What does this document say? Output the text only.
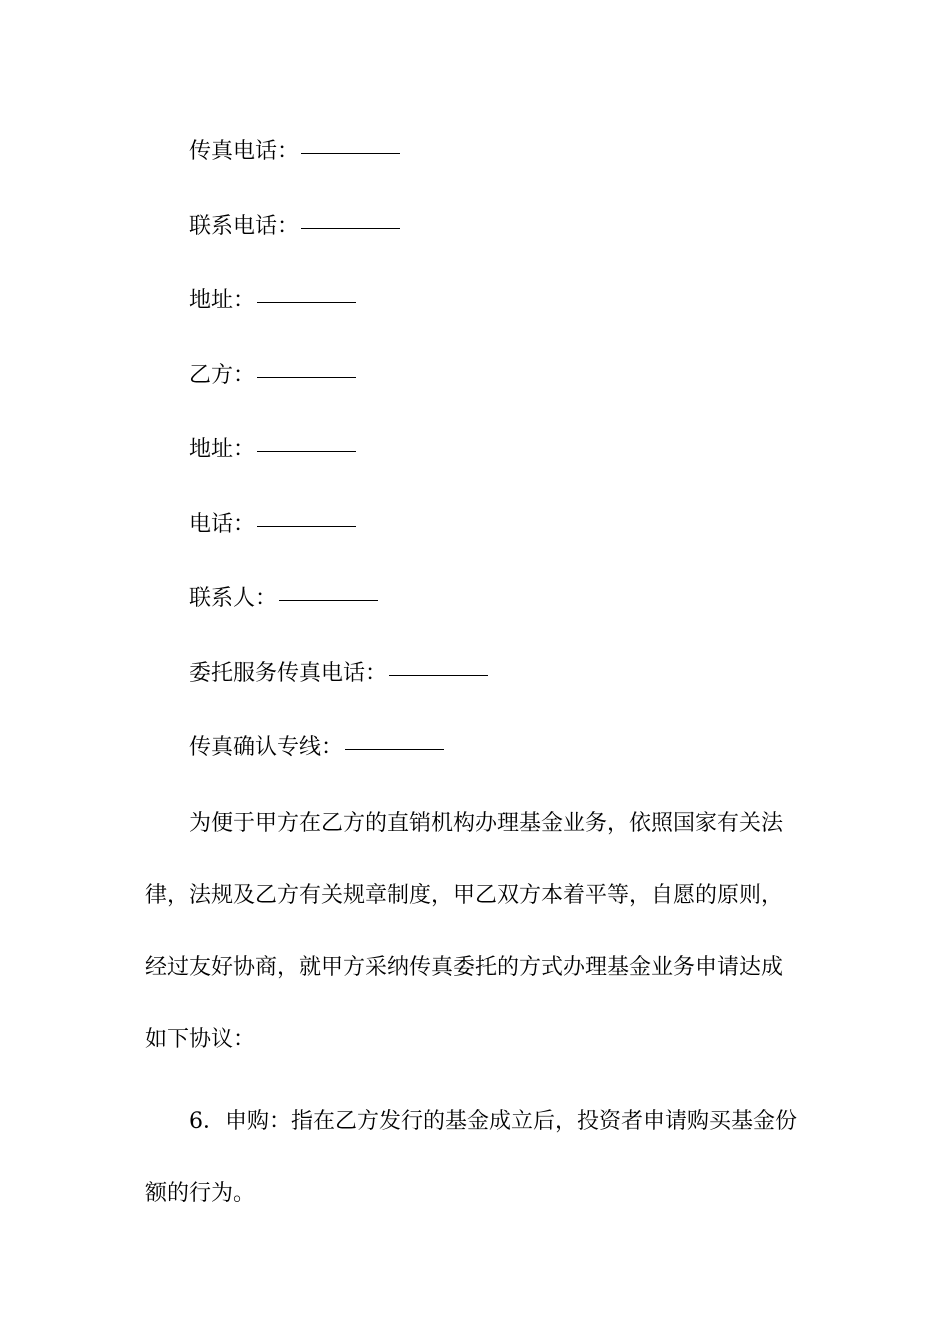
传真电话：
联系电话：
地址：
乙方：
地址：
电话：
联系人：
委托服务传真电话：
传真确认专线：
为便于甲方在乙方的直销机构办理基金业务，依照国家有关法
律，法规及乙方有关规章制度，甲乙双方本着平等，自愿的原则，
经过友好协商，就甲方采纳传真委托的方式办理基金业务申请达成
如下协议：
6．申购：指在乙方发行的基金成立后，投资者申请购买基金份
额的行为。
